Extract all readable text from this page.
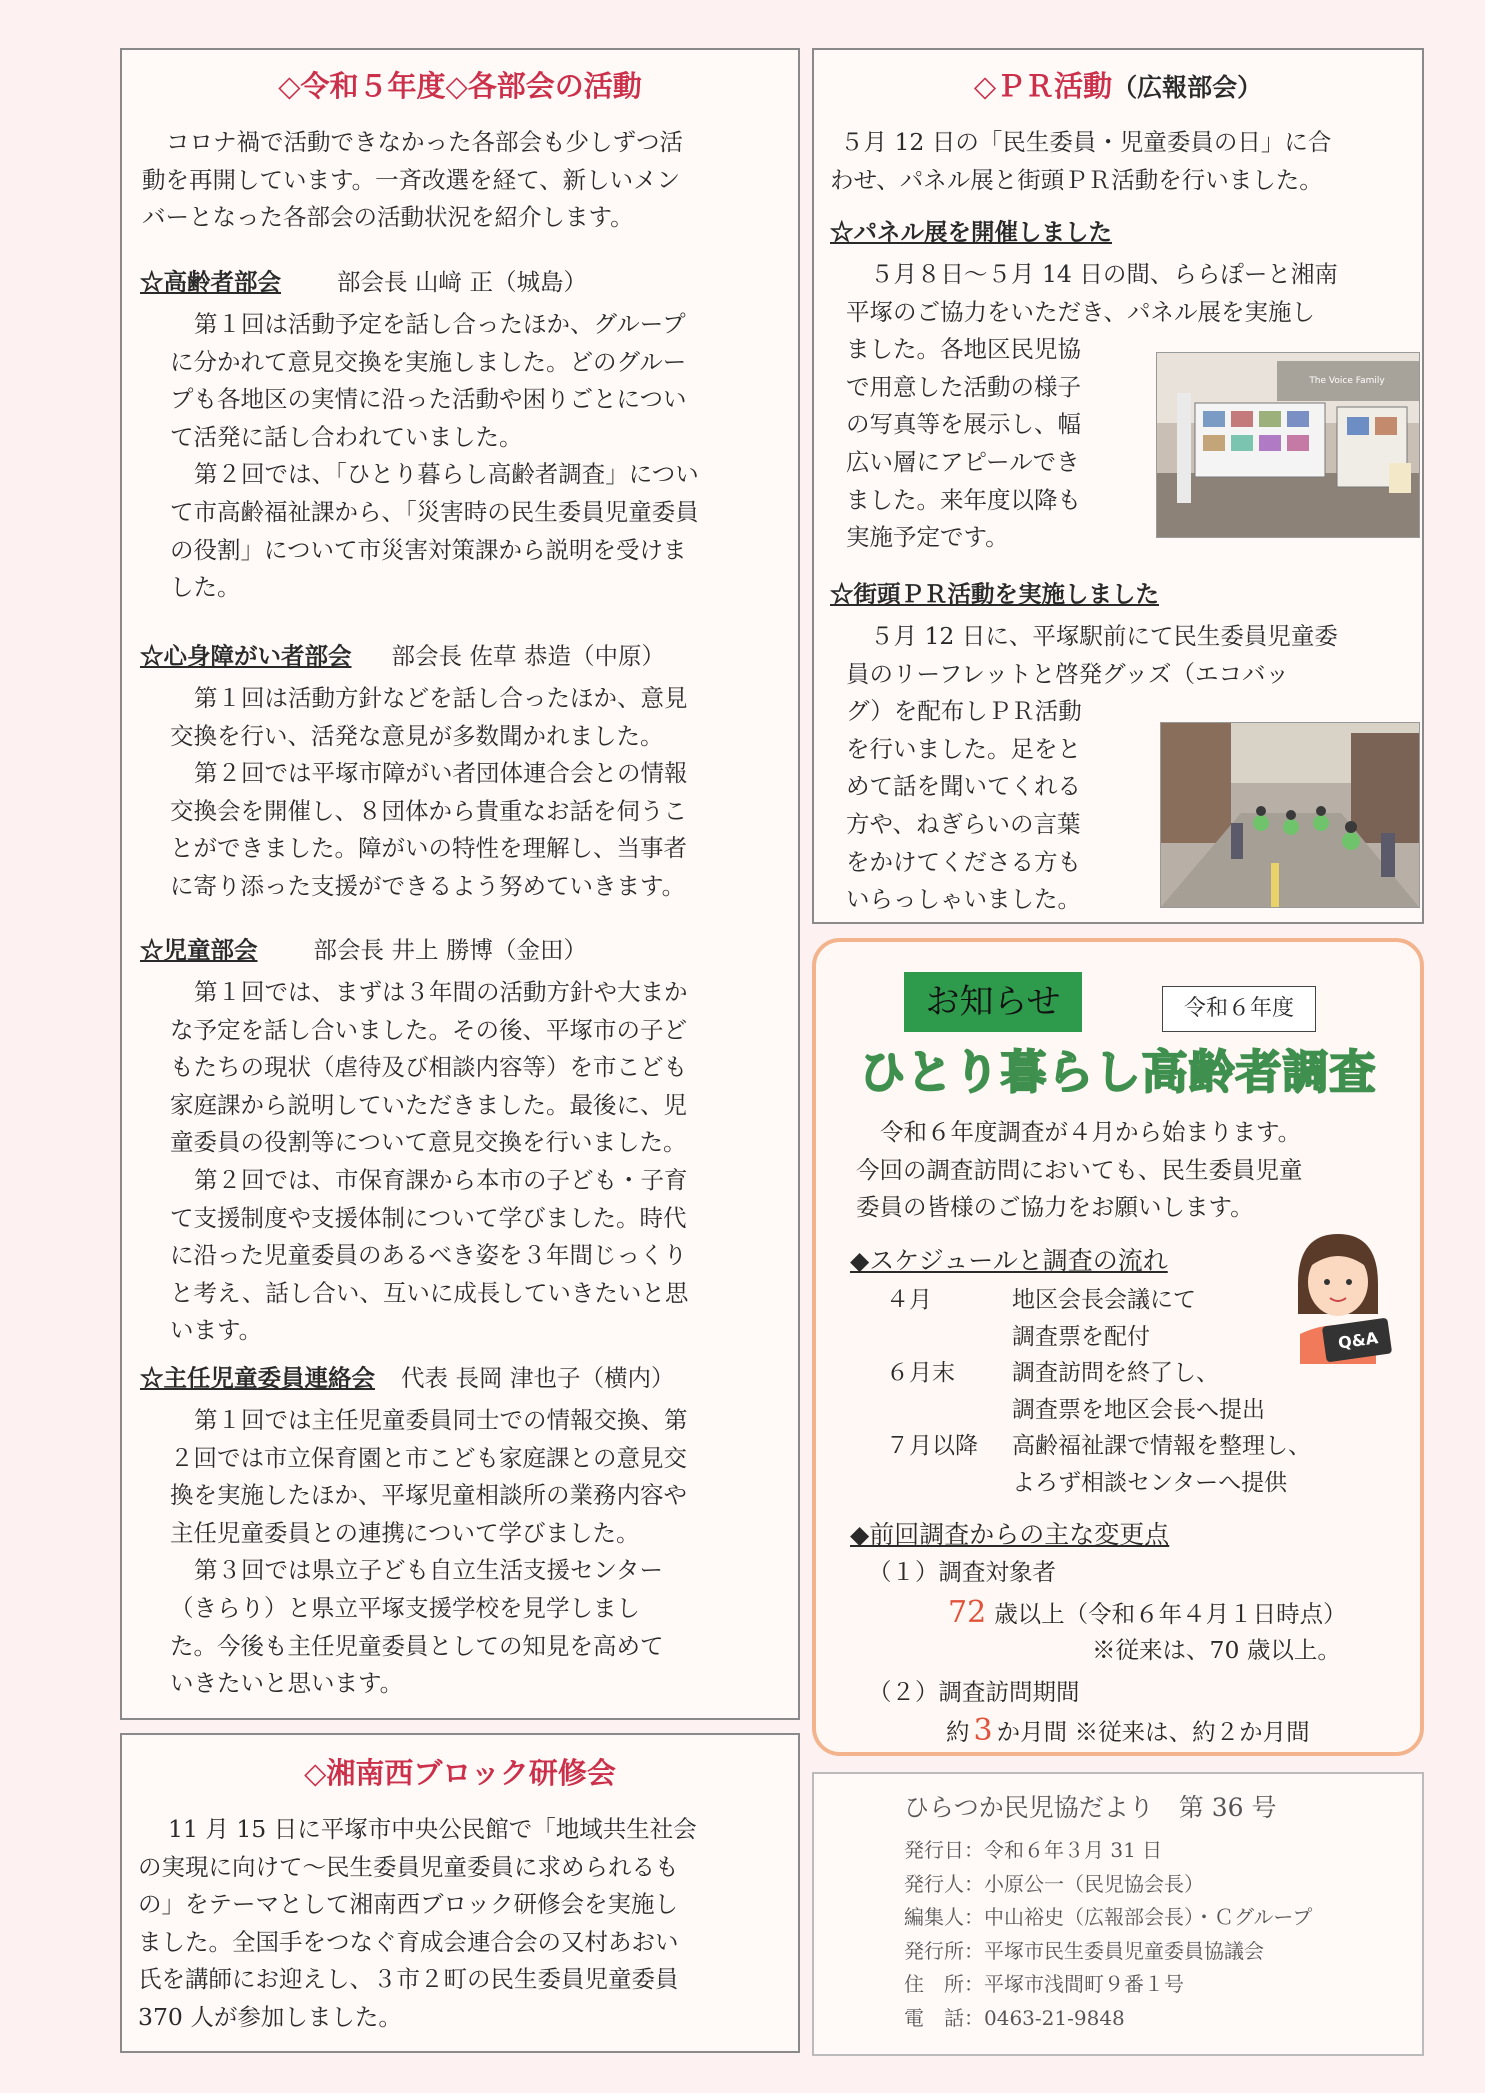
◇令和５年度◇各部会の活動
コロナ禍で活動できなかった各部会も少しずつ活
動を再開しています。一斉改選を経て、新しいメン
バーとなった各部会の活動状況を紹介します。
☆高齢者部会 部会長 山﨑 正（城島）
第１回は活動予定を話し合ったほか、グループ
に分かれて意見交換を実施しました。どのグルー
プも各地区の実情に沿った活動や困りごとについ
て活発に話し合われていました。
第２回では、「ひとり暮らし高齢者調査」につい
て市高齢福祉課から、「災害時の民生委員児童委員
の役割」について市災害対策課から説明を受けま
した。
☆心身障がい者部会 部会長 佐草 恭造（中原）
第１回は活動方針などを話し合ったほか、意見
交換を行い、活発な意見が多数聞かれました。
第２回では平塚市障がい者団体連合会との情報
交換会を開催し、８団体から貴重なお話を伺うこ
とができました。障がいの特性を理解し、当事者
に寄り添った支援ができるよう努めていきます。
☆児童部会 部会長 井上 勝博（金田）
第１回では、まずは３年間の活動方針や大まか
な予定を話し合いました。その後、平塚市の子ど
もたちの現状（虐待及び相談内容等）を市こども
家庭課から説明していただきました。最後に、児
童委員の役割等について意見交換を行いました。
第２回では、市保育課から本市の子ども・子育
て支援制度や支援体制について学びました。時代
に沿った児童委員のあるべき姿を３年間じっくり
と考え、話し合い、互いに成長していきたいと思
います。
☆主任児童委員連絡会 代表 長岡 津也子（横内）
第１回では主任児童委員同士での情報交換、第
２回では市立保育園と市こども家庭課との意見交
換を実施したほか、平塚児童相談所の業務内容や
主任児童委員との連携について学びました。
第３回では県立子ども自立生活支援センター
（きらり）と県立平塚支援学校を見学しまし
た。今後も主任児童委員としての知見を高めて
いきたいと思います。
◇湘南西ブロック研修会
11 月 15 日に平塚市中央公民館で「地域共生社会
の実現に向けて～民生委員児童委員に求められるも
の」をテーマとして湘南西ブロック研修会を実施し
ました。全国手をつなぐ育成会連合会の又村あおい
氏を講師にお迎えし、３市２町の民生委員児童委員
370 人が参加しました。
◇ＰＲ活動（広報部会）
５月 12 日の「民生委員・児童委員の日」に合
わせ、パネル展と街頭ＰＲ活動を行いました。
☆パネル展を開催しました
５月８日～５月 14 日の間、ららぽーと湘南
平塚のご協力をいただき、パネル展を実施し
ました。各地区民児協
で用意した活動の様子
の写真等を展示し、幅
広い層にアピールでき
ました。来年度以降も
実施予定です。
The Voice Family
☆街頭ＰＲ活動を実施しました
５月 12 日に、平塚駅前にて民生委員児童委
員のリーフレットと啓発グッズ（エコバッ
グ）を配布しＰＲ活動
を行いました。足をと
めて話を聞いてくれる
方や、ねぎらいの言葉
をかけてくださる方も
いらっしゃいました。
お知らせ	令和６年度
ひとり暮らし高齢者調査
令和６年度調査が４月から始まります。
今回の調査訪問においても、民生委員児童
委員の皆様のご協力をお願いします。
◆スケジュールと調査の流れ
４月	地区会長会議にて
調査票を配付
６月末	調査訪問を終了し、
調査票を地区会長へ提出
７月以降	高齢福祉課で情報を整理し、
よろず相談センターへ提供
Q&A
◆前回調査からの主な変更点
（１）調査対象者
72 歳以上（令和６年４月１日時点）
※従来は、70 歳以上。
（２）調査訪問期間
約 3 か月間 ※従来は、約２か月間
ひらつか民児協だより　第 36 号
発行日：令和６年３月 31 日
発行人：小原公一（民児協会長）
編集人：中山裕史（広報部会長）・Ｃグループ
発行所：平塚市民生委員児童委員協議会
住　所：平塚市浅間町９番１号
電　話：0463-21-9848
